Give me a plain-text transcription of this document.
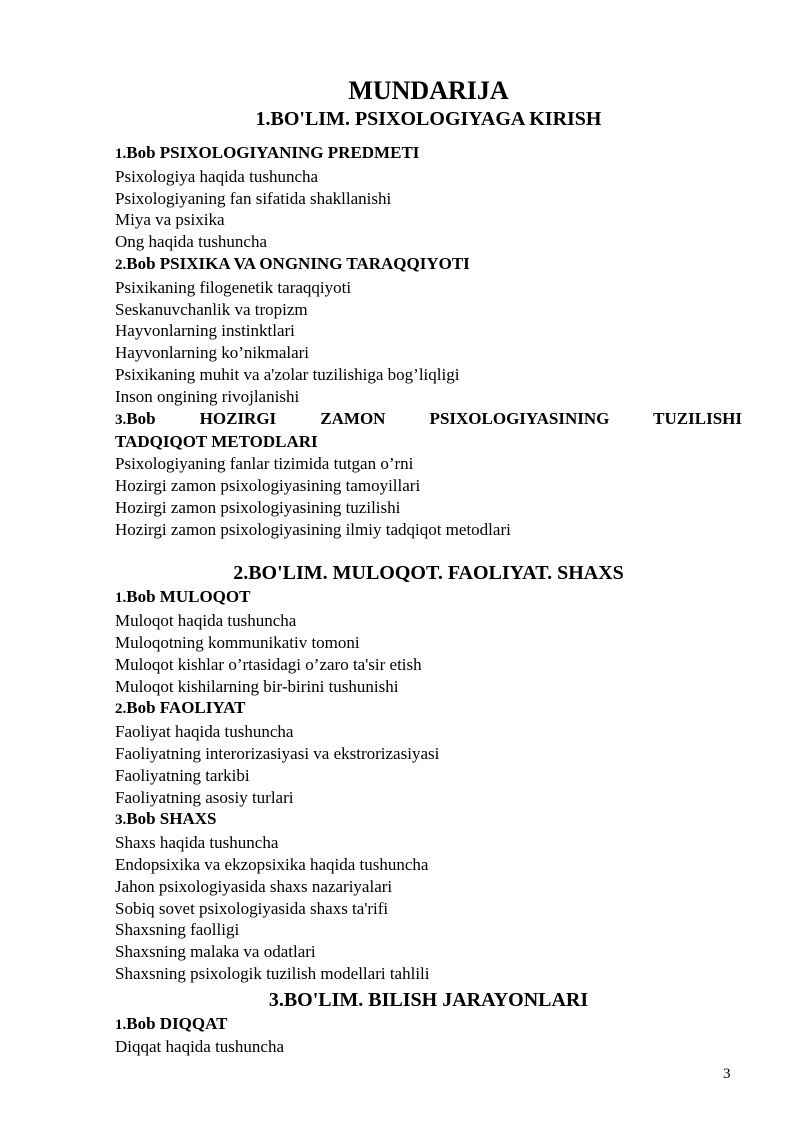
MUNDARIJA
1.BO'LIM. PSIXOLOGIYAGA KIRISH
1.Bob PSIXOLOGIYANING PREDMETI
Psixologiya haqida tushuncha
Psixologiyaning fan sifatida shakllanishi
Miya va psixika
Ong haqida tushuncha
2.Bob PSIXIKA VA ONGNING TARAQQIYOTI
Psixikaning filogenetik taraqqiyoti
Seskanuvchanlik va tropizm
Hayvonlarning instinktlari
Hayvonlarning ko’nikmalari
Psixikaning muhit va a'zolar tuzilishiga bog’liqligi
Inson ongining rivojlanishi
3.Bob HOZIRGI ZAMON PSIXOLOGIYASINING TUZILISHI
TADQIQOT METODLARI
Psixologiyaning fanlar tizimida tutgan o’rni
Hozirgi zamon psixologiyasining tamoyillari
Hozirgi zamon psixologiyasining tuzilishi
Hozirgi zamon psixologiyasining ilmiy tadqiqot metodlari
2.BO'LIM. MULOQOT. FAOLIYAT. SHAXS
1.Bob MULOQOT
Muloqot haqida tushuncha
Muloqotning kommunikativ tomoni
Muloqot kishlar o’rtasidagi o’zaro ta'sir etish
Muloqot kishilarning bir-birini tushunishi
2.Bob FAOLIYAT
Faoliyat haqida tushuncha
Faoliyatning interorizasiyasi va ekstrorizasiyasi
Faoliyatning tarkibi
Faoliyatning asosiy turlari
3.Bob SHAXS
Shaxs haqida tushuncha
Endopsixika va ekzopsixika haqida tushuncha
Jahon psixologiyasida shaxs nazariyalari
Sobiq sovet psixologiyasida shaxs ta'rifi
Shaxsning faolligi
Shaxsning malaka va odatlari
Shaxsning psixologik tuzilish modellari tahlili
3.BO'LIM. BILISH JARAYONLARI
1.Bob DIQQAT
Diqqat haqida tushuncha
3
